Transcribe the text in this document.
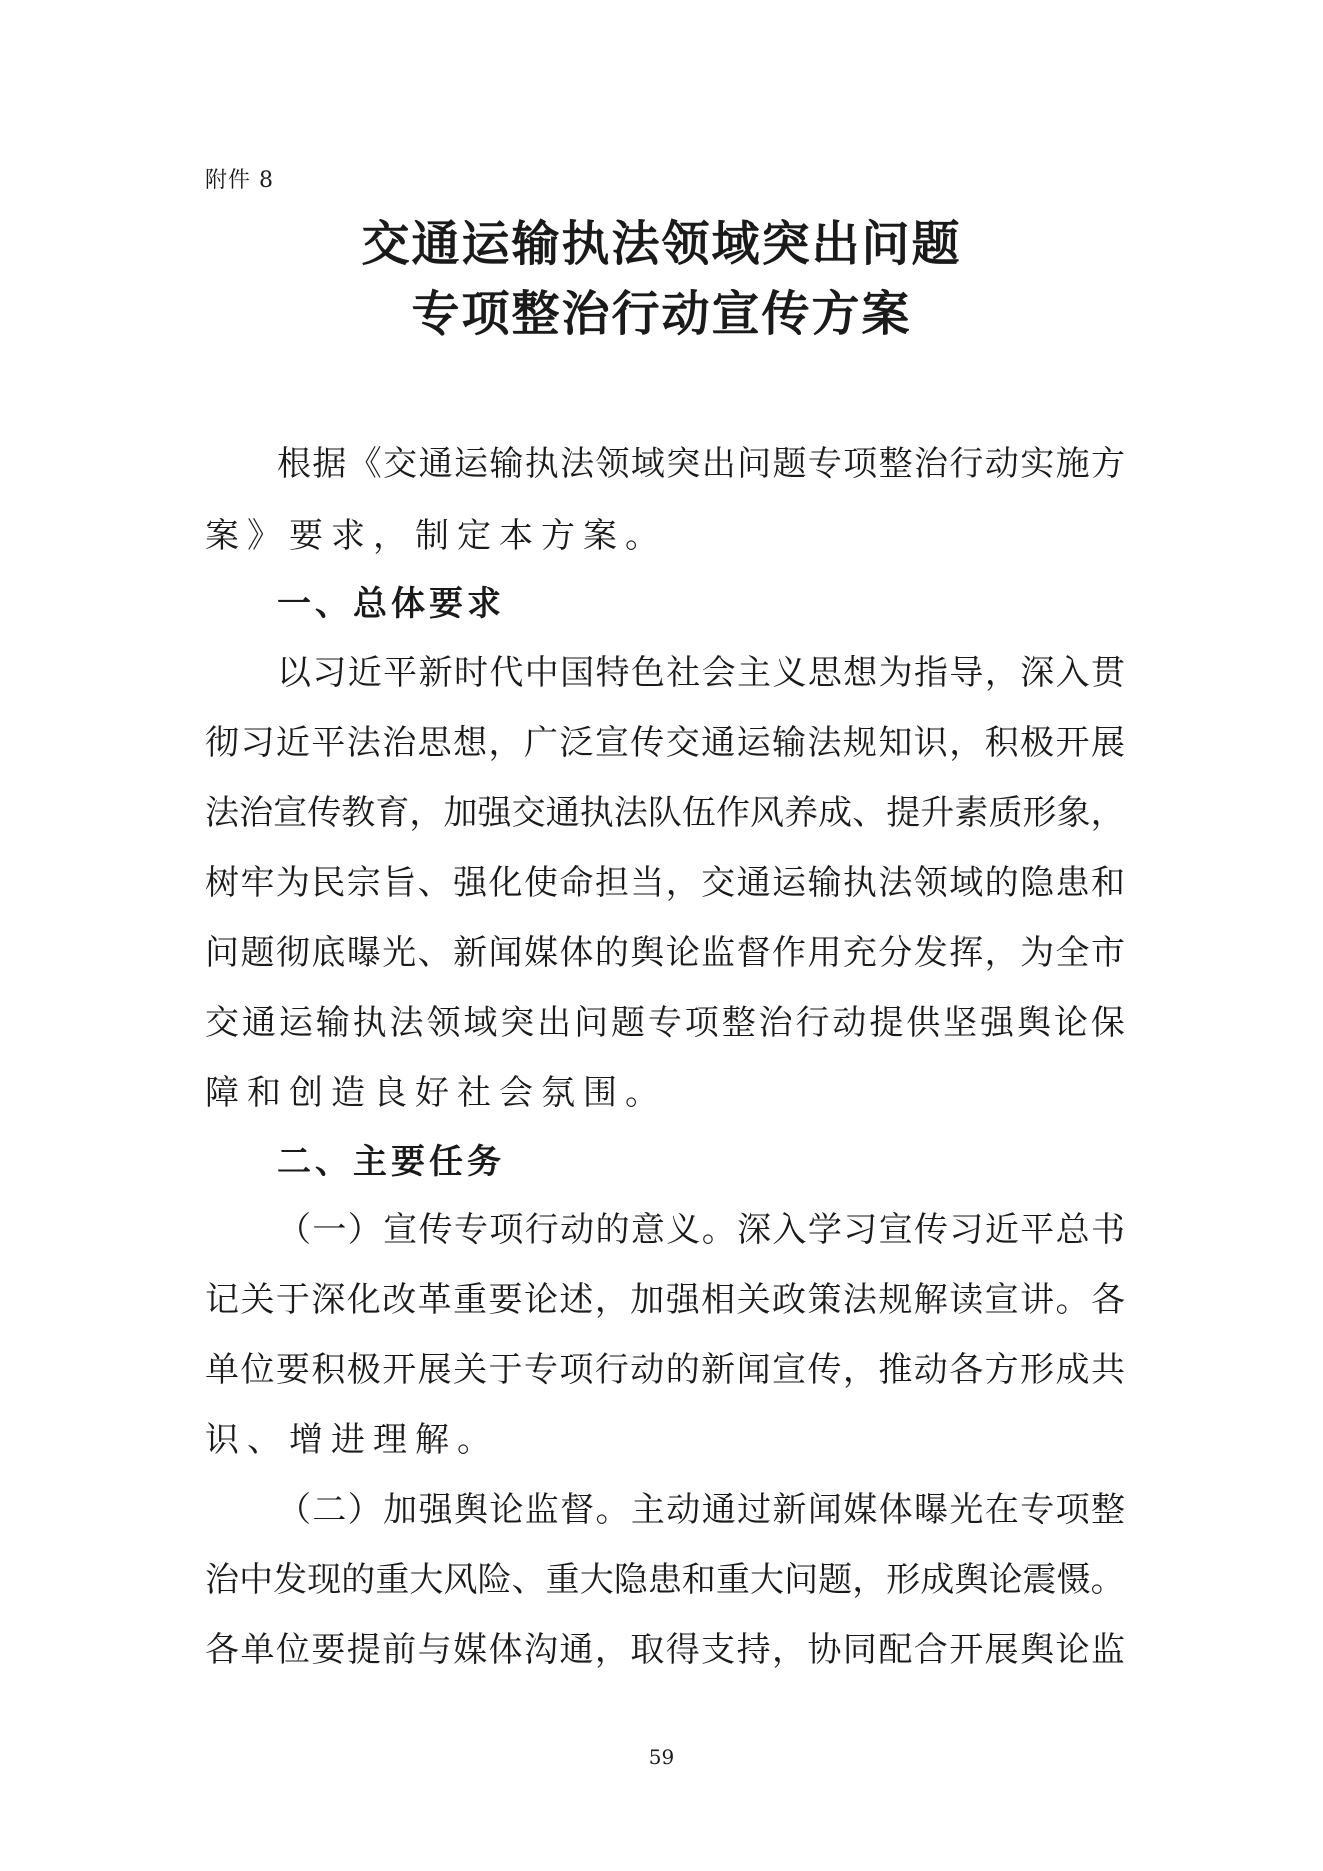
附件 8
交通运输执法领域突出问题
专项整治行动宣传方案
根 据 《 交 通 运 输 执 法 领 域 突 出 问 题 专 项 整 治 行 动 实 施 方
案》要求，制定本方案。
一、总体要求
以 习 近 平 新 时 代 中 国 特 色 社 会 主 义 思 想 为 指 导 ， 深 入 贯
彻 习 近 平 法 治 思 想 ， 广 泛 宣 传 交 通 运 输 法 规 知 识 ， 积 极 开 展
法 治 宣 传 教 育 ， 加 强 交 通 执 法 队 伍 作 风 养 成 、 提 升 素 质 形 象 ，
树 牢 为 民 宗 旨 、 强 化 使 命 担 当 ， 交 通 运 输 执 法 领 域 的 隐 患 和
问 题 彻 底 曝 光 、 新 闻 媒 体 的 舆 论 监 督 作 用 充 分 发 挥 ， 为 全 市
交 通 运 输 执 法 领 域 突 出 问 题 专 项 整 治 行 动 提 供 坚 强 舆 论 保
障和创造良好社会氛围。
二、主要任务
（ 一 ） 宣 传 专 项 行 动 的 意 义 。 深 入 学 习 宣 传 习 近 平 总 书
记 关 于 深 化 改 革 重 要 论 述 ， 加 强 相 关 政 策 法 规 解 读 宣 讲 。 各
单 位 要 积 极 开 展 关 于 专 项 行 动 的 新 闻 宣 传 ， 推 动 各 方 形 成 共
识、增进理解。
（ 二 ） 加 强 舆 论 监 督 。 主 动 通 过 新 闻 媒 体 曝 光 在 专 项 整
治 中 发 现 的 重 大 风 险 、 重 大 隐 患 和 重 大 问 题 ， 形 成 舆 论 震 慑 。
各 单 位 要 提 前 与 媒 体 沟 通 ， 取 得 支 持 ， 协 同 配 合 开 展 舆 论 监
59
